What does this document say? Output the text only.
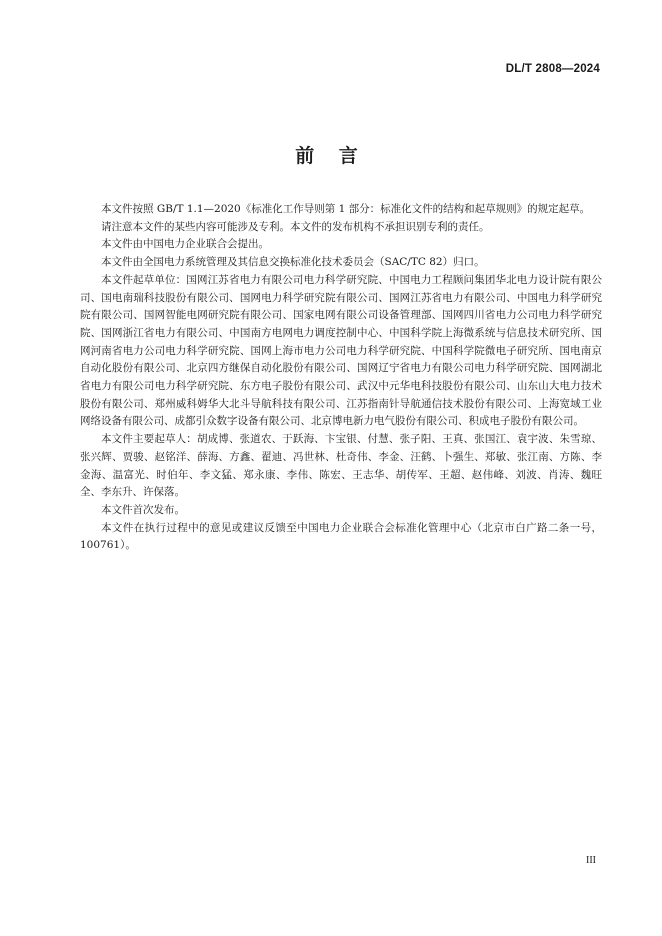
DL/T 2808—2024
前 言

本文件按照 GB/T 1.1—2020《标准化工作导则第 1 部分：标准化文件的结构和起草规则》的规定起草。

请注意本文件的某些内容可能涉及专利。本文件的发布机构不承担识别专利的责任。

本文件由中国电力企业联合会提出。

本文件由全国电力系统管理及其信息交换标准化技术委员会（SAC/TC 82）归口。

本文件起草单位：国网江苏省电力有限公司电力科学研究院、中国电力工程顾问集团华北电力设计院有限公司、国电南瑞科技股份有限公司、国网电力科学研究院有限公司、国网江苏省电力有限公司、中国电力科学研究院有限公司、国网智能电网研究院有限公司、国家电网有限公司设备管理部、国网四川省电力公司电力科学研究院、国网浙江省电力有限公司、中国南方电网电力调度控制中心、中国科学院上海微系统与信息技术研究所、国网河南省电力公司电力科学研究院、国网上海市电力公司电力科学研究院、中国科学院微电子研究所、国电南京自动化股份有限公司、北京四方继保自动化股份有限公司、国网辽宁省电力有限公司电力科学研究院、国网湖北省电力有限公司电力科学研究院、东方电子股份有限公司、武汉中元华电科技股份有限公司、山东山大电力技术股份有限公司、郑州威科姆华大北斗导航科技有限公司、江苏指南针导航通信技术股份有限公司、上海宽域工业网络设备有限公司、成都引众数字设备有限公司、北京博电新力电气股份有限公司、积成电子股份有限公司。

本文件主要起草人：胡成博、张道农、于跃海、卞宝银、付慧、张子阳、王真、张国江、袁宇波、朱雪琼、张兴辉、贾骏、赵铭洋、薛海、方鑫、翟迪、冯世林、杜奇伟、李金、汪鹤、卜强生、郑敏、张江南、方陈、李金海、温富光、时伯年、李文猛、郑永康、李伟、陈宏、王志华、胡传军、王超、赵伟峰、刘波、肖涛、魏旺全、李东升、许保落。

本文件首次发布。

本文件在执行过程中的意见或建议反馈至中国电力企业联合会标准化管理中心（北京市白广路二条一号，100761）。

III
